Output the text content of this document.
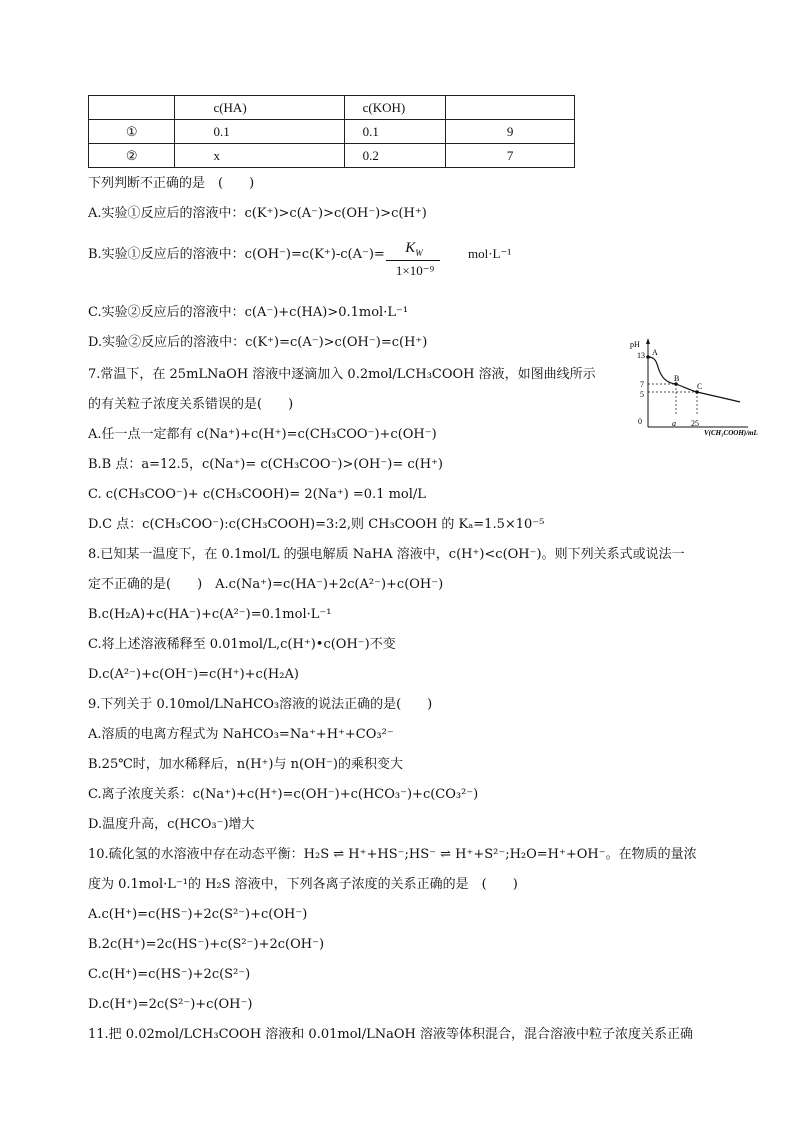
	c(HA)	c(KOH)	
①	0.1	0.1	9
②	x	0.2	7
下列判断不正确的是　(　　)
A.实验①反应后的溶液中：c(K⁺)>c(A⁻)>c(OH⁻)>c(H⁺)
B.实验①反应后的溶液中：c(OH⁻)=c(K⁺)-c(A⁻)=	$K_W$
1×10⁻⁹
mol·L⁻¹
C.实验②反应后的溶液中：c(A⁻)+c(HA)>0.1mol·L⁻¹
D.实验②反应后的溶液中：c(K⁺)=c(A⁻)>c(OH⁻)=c(H⁺)
7.常温下，在 25mLNaOH 溶液中逐滴加入 0.2mol/LCH₃COOH 溶液，如图曲线所示
的有关粒子浓度关系错误的是(　　)
A.任一点一定都有 c(Na⁺)+c(H⁺)=c(CH₃COO⁻)+c(OH⁻)
B.B 点：a=12.5，c(Na⁺)= c(CH₃COO⁻)>(OH⁻)= c(H⁺)
C. c(CH₃COO⁻)+ c(CH₃COOH)= 2(Na⁺) =0.1 mol/L
D.C 点：c(CH₃COO⁻):c(CH₃COOH)=3:2,则 CH₃COOH 的 Kₐ=1.5×10⁻⁵
8.已知某一温度下，在 0.1mol/L 的强电解质 NaHA 溶液中，c(H⁺)<c(OH⁻)。则下列关系式或说法一
定不正确的是(　　)　A.c(Na⁺)=c(HA⁻)+2c(A²⁻)+c(OH⁻)
B.c(H₂A)+c(HA⁻)+c(A²⁻)=0.1mol·L⁻¹
C.将上述溶液稀释至 0.01mol/L,c(H⁺)•c(OH⁻)不变
D.c(A²⁻)+c(OH⁻)=c(H⁺)+c(H₂A)
9.下列关于 0.10mol/LNaHCO₃溶液的说法正确的是(　　)
A.溶质的电离方程式为 NaHCO₃=Na⁺+H⁺+CO₃²⁻
B.25℃时，加水稀释后，n(H⁺)与 n(OH⁻)的乘积变大
C.离子浓度关系：c(Na⁺)+c(H⁺)=c(OH⁻)+c(HCO₃⁻)+c(CO₃²⁻)
D.温度升高，c(HCO₃⁻)增大
10.硫化氢的水溶液中存在动态平衡：H₂S ⇌ H⁺+HS⁻;HS⁻ ⇌ H⁺+S²⁻;H₂O=H⁺+OH⁻。在物质的量浓
度为 0.1mol·L⁻¹的 H₂S 溶液中，下列各离子浓度的关系正确的是　(　　)
A.c(H⁺)=c(HS⁻)+2c(S²⁻)+c(OH⁻)
B.2c(H⁺)=2c(HS⁻)+c(S²⁻)+2c(OH⁻)
C.c(H⁺)=c(HS⁻)+2c(S²⁻)
D.c(H⁺)=2c(S²⁻)+c(OH⁻)
11.把 0.02mol/LCH₃COOH 溶液和 0.01mol/LNaOH 溶液等体积混合，混合溶液中粒子浓度关系正确
pH
13
7
5
0	a 25
V(CH₃COOH)/mL
A
B
C
